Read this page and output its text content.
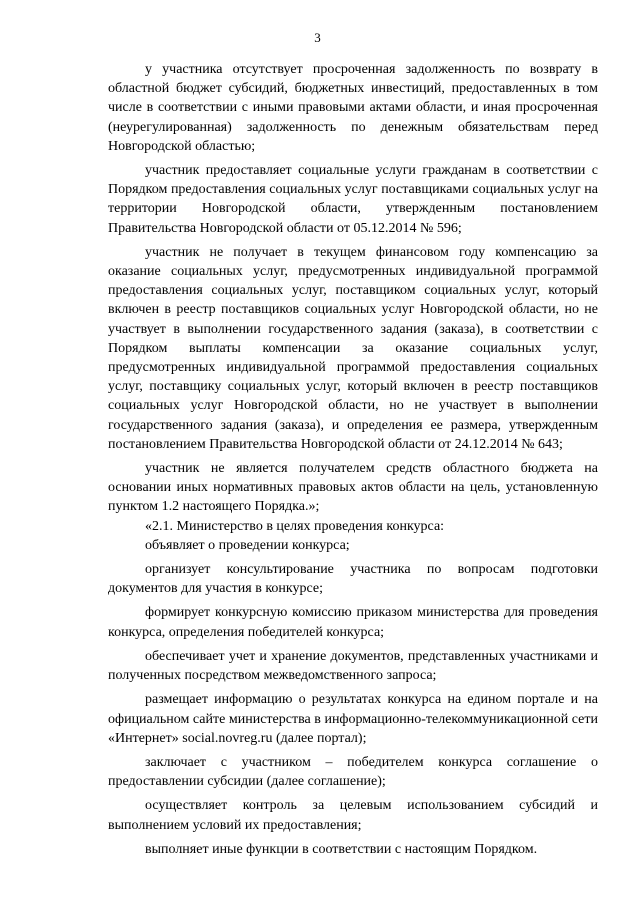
3

у участника отсутствует просроченная задолженность по возврату в областной бюджет субсидий, бюджетных инвестиций, предоставленных в том числе в соответствии с иными правовыми актами области, и иная просроченная (неурегулированная) задолженность по денежным обязательствам перед Новгородской областью;

участник предоставляет социальные услуги гражданам в соответствии с Порядком предоставления социальных услуг поставщиками социальных услуг на территории Новгородской области, утвержденным постановлением Правительства Новгородской области от 05.12.2014 № 596;

участник не получает в текущем финансовом году компенсацию за оказание социальных услуг, предусмотренных индивидуальной программой предоставления социальных услуг, поставщиком социальных услуг, который включен в реестр поставщиков социальных услуг Новгородской области, но не участвует в выполнении государственного задания (заказа), в соответствии с Порядком выплаты компенсации за оказание социальных услуг, предусмотренных индивидуальной программой предоставления социальных услуг, поставщику социальных услуг, который включен в реестр поставщиков социальных услуг Новгородской области, но не участвует в выполнении государственного задания (заказа), и определения ее размера, утвержденным постановлением Правительства Новгородской области от 24.12.2014 № 643;

участник не является получателем средств областного бюджета на основании иных нормативных правовых актов области на цель, установленную пунктом 1.2 настоящего Порядка.»;

«2.1. Министерство в целях проведения конкурса:

объявляет о проведении конкурса;

организует консультирование участника по вопросам подготовки документов для участия в конкурсе;

формирует конкурсную комиссию приказом министерства для проведения конкурса, определения победителей конкурса;

обеспечивает учет и хранение документов, представленных участниками и полученных посредством межведомственного запроса;

размещает информацию о результатах конкурса на едином портале и на официальном сайте министерства в информационно-телекоммуникационной сети «Интернет» social.novreg.ru (далее портал);

заключает с участником – победителем конкурса соглашение о предоставлении субсидии (далее соглашение);

осуществляет контроль за целевым использованием субсидий и выполнением условий их предоставления;

выполняет иные функции в соответствии с настоящим Порядком.
